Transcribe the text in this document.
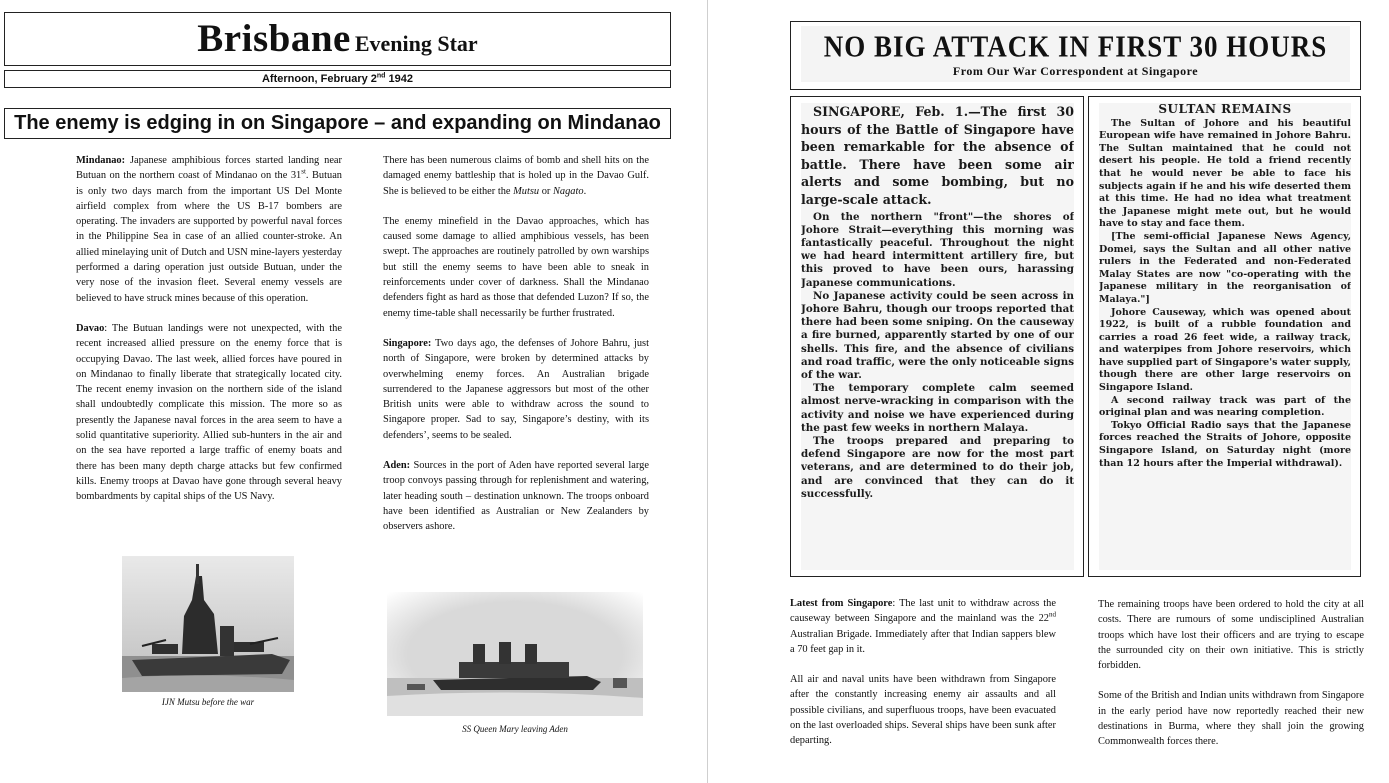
Brisbane Evening Star
Afternoon, February 2nd 1942
The enemy is edging in on Singapore – and expanding on Mindanao

Mindanao: Japanese amphibious forces started landing near Butuan on the northern coast of Mindanao on the 31st. Butuan is only two days march from the important US Del Monte airfield complex from where the US B-17 bombers are operating. The invaders are supported by powerful naval forces in the Philippine Sea in case of an allied counter-stroke. An allied minelaying unit of Dutch and USN mine-layers yesterday performed a daring operation just outside Butuan, under the very nose of the invasion fleet. Several enemy vessels are believed to have struck mines because of this operation.

Davao: The Butuan landings were not unexpected, with the recent increased allied pressure on the enemy force that is occupying Davao. The last week, allied forces have poured in on Mindanao to finally liberate that strategically located city. The recent enemy invasion on the northern side of the island shall undoubtedly complicate this mission. The more so as presently the Japanese naval forces in the area seem to have a solid quantitative superiority. Allied sub-hunters in the air and on the sea have reported a large traffic of enemy boats and there has been many depth charge attacks but few confirmed kills. Enemy troops at Davao have gone through several heavy bombardments by capital ships of the US Navy.

There has been numerous claims of bomb and shell hits on the damaged enemy battleship that is holed up in the Davao Gulf. She is believed to be either the Mutsu or Nagato.

The enemy minefield in the Davao approaches, which has caused some damage to allied amphibious vessels, has been swept. The approaches are routinely patrolled by own warships but still the enemy seems to have been able to sneak in reinforcements under cover of darkness. Shall the Mindanao defenders fight as hard as those that defended Luzon? If so, the enemy time-table shall necessarily be further frustrated.

Singapore: Two days ago, the defenses of Johore Bahru, just north of Singapore, were broken by determined attacks by overwhelming enemy forces. An Australian brigade surrendered to the Japanese aggressors but most of the other British units were able to withdraw across the sound to Singapore proper. Sad to say, Singapore’s destiny, with its defenders’, seems to be sealed.

Aden: Sources in the port of Aden have reported several large troop convoys passing through for replenishment and watering, later heading south – destination unknown. The troops onboard have been identified as Australian or New Zealanders by observers ashore.

IJN Mutsu before the war
SS Queen Mary leaving Aden
NO BIG ATTACK IN FIRST 30 HOURS
From Our War Correspondent at Singapore

SINGAPORE, Feb. 1.—The first 30 hours of the Battle of Singapore have been remarkable for the absence of battle. There have been some air alerts and some bombing, but no large-scale attack.

On the northern "front"—the shores of Johore Strait—everything this morning was fantastically peaceful. Throughout the night we had heard intermittent artillery fire, but this proved to have been ours, harassing Japanese communications.

No Japanese activity could be seen across in Johore Bahru, though our troops reported that there had been some sniping. On the causeway a fire burned, apparently started by one of our shells. This fire, and the absence of civilians and road traffic, were the only noticeable signs of the war.

The temporary complete calm seemed almost nerve-wracking in comparison with the activity and noise we have experienced during the past few weeks in northern Malaya.

The troops prepared and preparing to defend Singapore are now for the most part veterans, and are determined to do their job, and are convinced that they can do it successfully.

SULTAN REMAINS

The Sultan of Johore and his beautiful European wife have remained in Johore Bahru. The Sultan maintained that he could not desert his people. He told a friend recently that he would never be able to face his subjects again if he and his wife deserted them at this time. He had no idea what treatment the Japanese might mete out, but he would have to stay and face them.

[The semi-official Japanese News Agency, Domei, says the Sultan and all other native rulers in the Federated and non-Federated Malay States are now "co-operating with the Japanese military in the reorganisation of Malaya."]

Johore Causeway, which was opened about 1922, is built of a rubble foundation and carries a road 26 feet wide, a railway track, and waterpipes from Johore reservoirs, which have supplied part of Singapore's water supply, though there are other large reservoirs on Singapore Island.

A second railway track was part of the original plan and was nearing completion.

Tokyo Official Radio says that the Japanese forces reached the Straits of Johore, opposite Singapore Island, on Saturday night (more than 12 hours after the Imperial withdrawal).

Latest from Singapore: The last unit to withdraw across the causeway between Singapore and the mainland was the 22nd Australian Brigade. Immediately after that Indian sappers blew a 70 feet gap in it.

All air and naval units have been withdrawn from Singapore after the constantly increasing enemy air assaults and all possible civilians, and superfluous troops, have been evacuated on the last overloaded ships. Several ships have been sunk after departing.

The remaining troops have been ordered to hold the city at all costs. There are rumours of some undisciplined Australian troops which have lost their officers and are trying to escape the surrounded city on their own initiative. This is strictly forbidden.

Some of the British and Indian units withdrawn from Singapore in the early period have now reportedly reached their new destinations in Burma, where they shall join the growing Commonwealth forces there.
